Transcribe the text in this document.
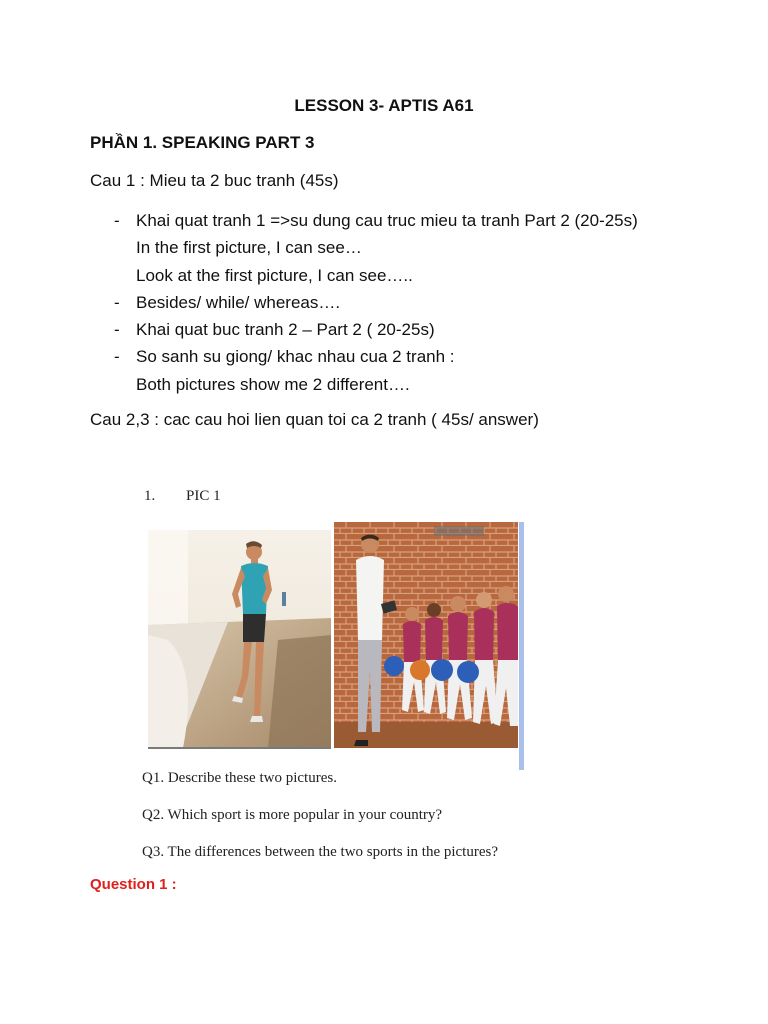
LESSON 3- APTIS A61
PHẦN 1. SPEAKING PART 3
Cau 1 : Mieu ta 2 buc tranh (45s)
- Khai quat tranh 1 =>su dung cau truc mieu ta tranh Part 2 (20-25s)
In the first picture, I can see…
Look at the first picture, I can see…..
- Besides/ while/ whereas….
- Khai quat buc tranh 2 – Part 2 ( 20-25s)
- So sanh su giong/ khac nhau cua 2 tranh :
Both pictures show me 2 different….
Cau 2,3 : cac cau hoi lien quan toi ca 2 tranh ( 45s/ answer)
1. PIC 1
Q1. Describe these two pictures.
Q2. Which sport is more popular in your country?
Q3. The differences between the two sports in the pictures?
Question 1 :
